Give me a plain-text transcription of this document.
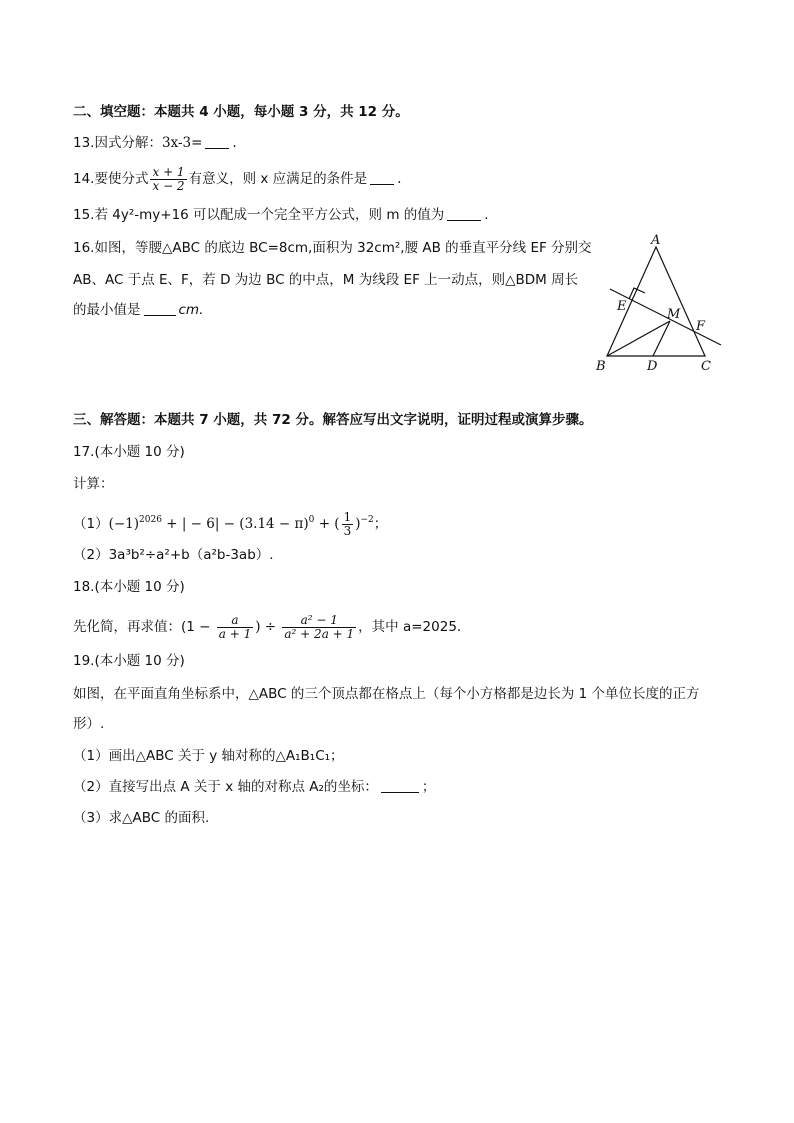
二、填空题：本题共 4 小题，每小题 3 分，共 12 分。
13.因式分解：3x-3= .
14.要使分式 $\frac{x + 1}{x - 2}$ 有意义，则 x 应满足的条件是 .
15.若 4y²-my+16 可以配成一个完全平方公式，则 m 的值为	.
16.如图，等腰△ABC 的底边 BC=8cm,面积为 32cm²,腰 AB 的垂直平分线 EF 分别交
AB、AC 于点 E、F，若 D 为边 BC 的中点，M 为线段 EF 上一动点，则△BDM 周长
的最小值是	cm.
A
B	C
D
E
F
M
三、解答题：本题共 7 小题，共 72 分。解答应写出文字说明，证明过程或演算步骤。
17.(本小题 10 分)
计算：
$(1)(-1)^{2026}$ + | − $6| - (3.14 - \pi)^0$ + ( $\frac{1}{3} )^{-2}$；
（2）3a³b²÷a²+b（a²b-3ab）.
18.(本小题 10 分)
先化简，再求值：($1 - \frac{a}{a + 1}$ ) ÷ $\frac{\text{a² − 1}}{\text{a² + 2a + 1}}$ ，其中 a=2025.
19.(本小题 10 分)
如图，在平面直角坐标系中，△ABC 的三个顶点都在格点上（每个小方格都是边长为 1 个单位长度的正方
形）.
（1）画出△ABC 关于 y 轴对称的△A₁B₁C₁；
（2）直接写出点 A 关于 x 轴的对称点 A₂的坐标：	；
（3）求△ABC 的面积.
